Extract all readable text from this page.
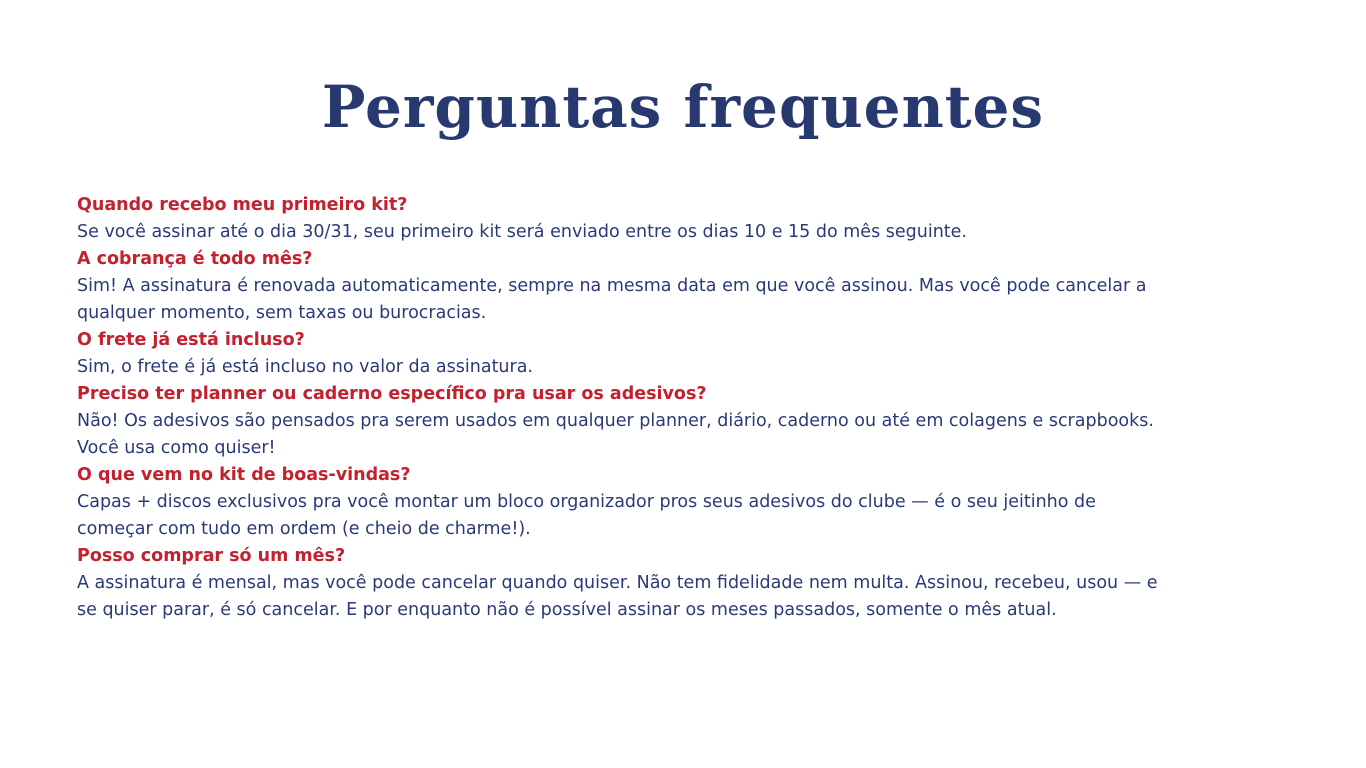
Perguntas frequentes
Quando recebo meu primeiro kit?
Se você assinar até o dia 30/31, seu primeiro kit será enviado entre os dias 10 e 15 do mês seguinte.
A cobrança é todo mês?
Sim! A assinatura é renovada automaticamente, sempre na mesma data em que você assinou. Mas você pode cancelar a
qualquer momento, sem taxas ou burocracias.
O frete já está incluso?
Sim, o frete é já está incluso no valor da assinatura.
Preciso ter planner ou caderno específico pra usar os adesivos?
Não! Os adesivos são pensados pra serem usados em qualquer planner, diário, caderno ou até em colagens e scrapbooks.
Você usa como quiser!
O que vem no kit de boas-vindas?
Capas + discos exclusivos pra você montar um bloco organizador pros seus adesivos do clube — é o seu jeitinho de
começar com tudo em ordem (e cheio de charme!).
Posso comprar só um mês?
A assinatura é mensal, mas você pode cancelar quando quiser. Não tem fidelidade nem multa. Assinou, recebeu, usou — e
se quiser parar, é só cancelar. E por enquanto não é possível assinar os meses passados, somente o mês atual.
